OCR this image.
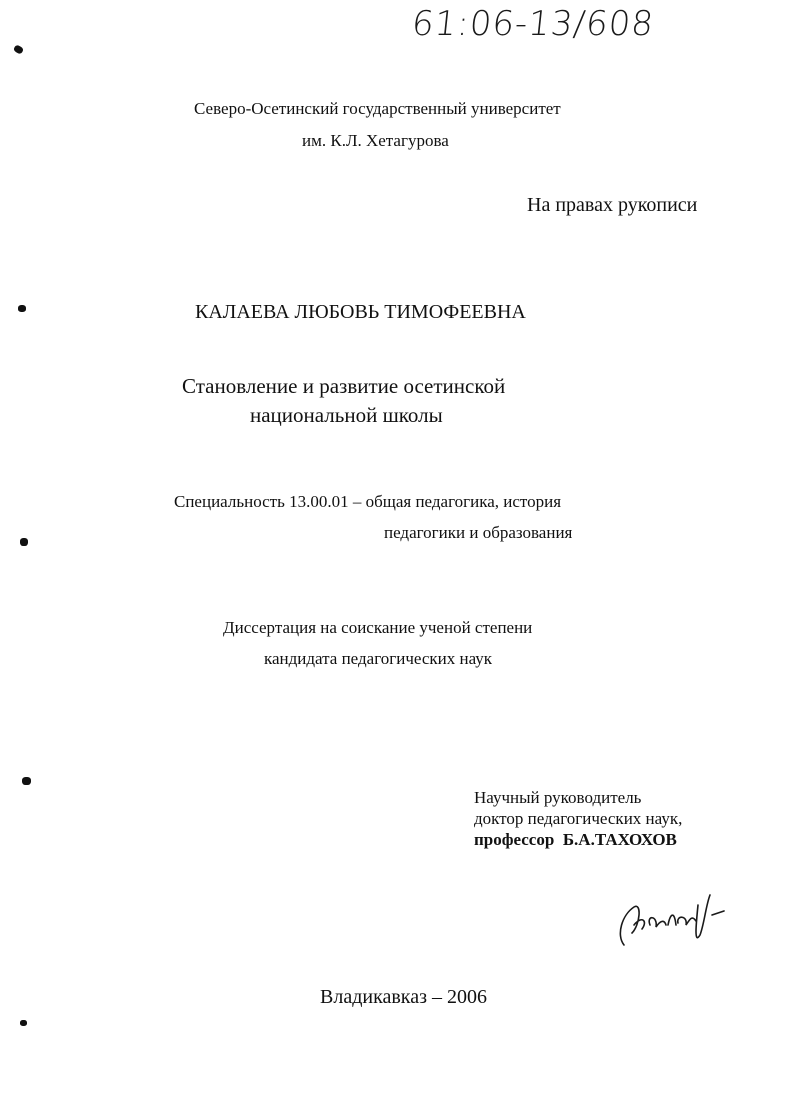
61:06-13/608
Северо-Осетинский государственный университет
им. К.Л. Хетагурова
На правах рукописи
КАЛАЕВА ЛЮБОВЬ ТИМОФЕЕВНА
Становление и развитие осетинской
национальной школы
Специальность 13.00.01 – общая педагогика, история
педагогики и образования
Диссертация на соискание ученой степени
кандидата педагогических наук
Научный руководитель
доктор педагогических наук,
профессор Б.А.ТАХОХОВ
Владикавказ – 2006
